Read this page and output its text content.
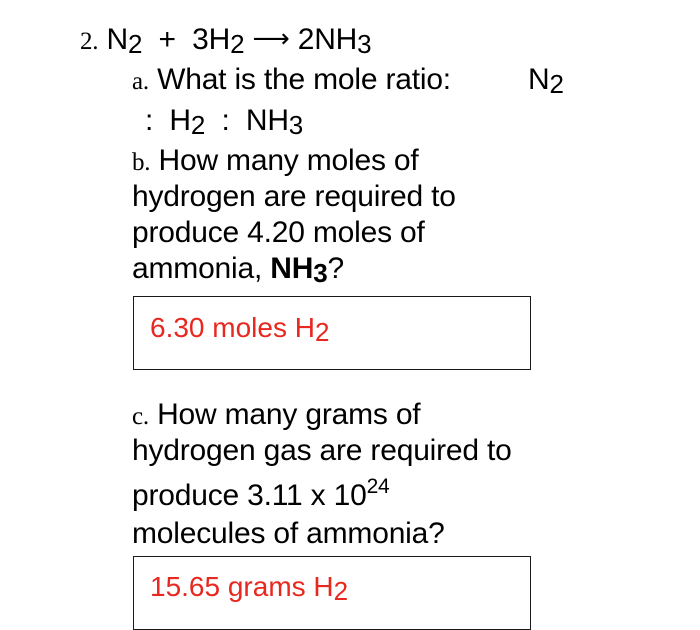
2. N2 + 3H2 ⟶ 2NH3
a. What is the mole ratio:	N2
: H2 : NH3
b. How many moles of
hydrogen are required to
produce 4.20 moles of
ammonia, NH3?
6.30 moles H2
c. How many grams of
hydrogen gas are required to
produce 3.11 x $10^{24}$
molecules of ammonia?
15.65 grams H2
